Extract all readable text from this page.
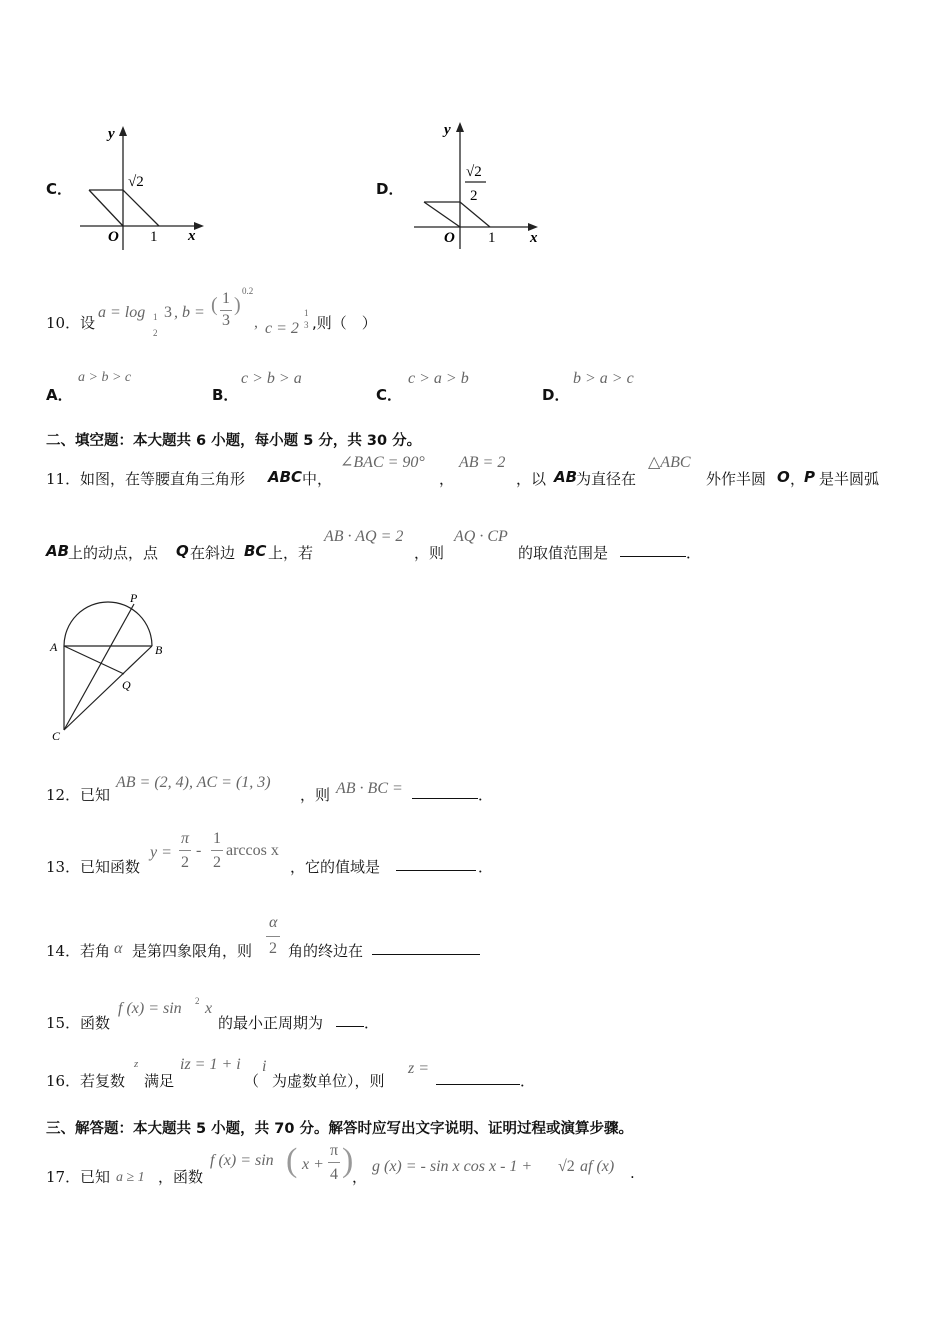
C．
y
x
O 1
√2	D．
y
x
O 1
√2
2
10． 设
a = log 1
2
3 , b = ( 1
3
)
0.2
, c = 2
1
3 ,则（　）
A．
a > b > c
B．
c > b > a
C．
c > a > b
D．
b > a > c
二、填空题：本大题共 6 小题，每小题 5 分，共 30 分。
11． 如图，在等腰直角三角形 ABC 中，
∠BAC = 90°
，
AB = 2
，以 AB
为直径在
△ABC
外作半圆 O ，
P 是半圆弧
AB
上的动点，点 Q 在斜边 BC 上，若
AB · AQ = 2
，则
AQ · CP
的取值范围是	．
P
A	B
Q
C
12． 已知
AB = (2, 4), AC = (1, 3)
，则 AB · BC =	．
13． 已知函数
y =
π
2
-
1
2
arccos x
，它的值域是	．
14． 若角 α 是第四象限角，则
α
2 角的终边在
15． 函数
f (x) = sin 2 x
的最小正周期为	．
16． 若复数
z
满足
iz = 1 + i
（
i
为虚数单位），则
z =
．
三、解答题：本大题共 5 小题，共 70 分。解答时应写出文字说明、证明过程或演算步骤。
17． 已知 a ≥ 1 ，函数
f (x) = sin ( x +
π
4 )
，
g (x) = - sin x cos x - 1 + √2 af (x) .
